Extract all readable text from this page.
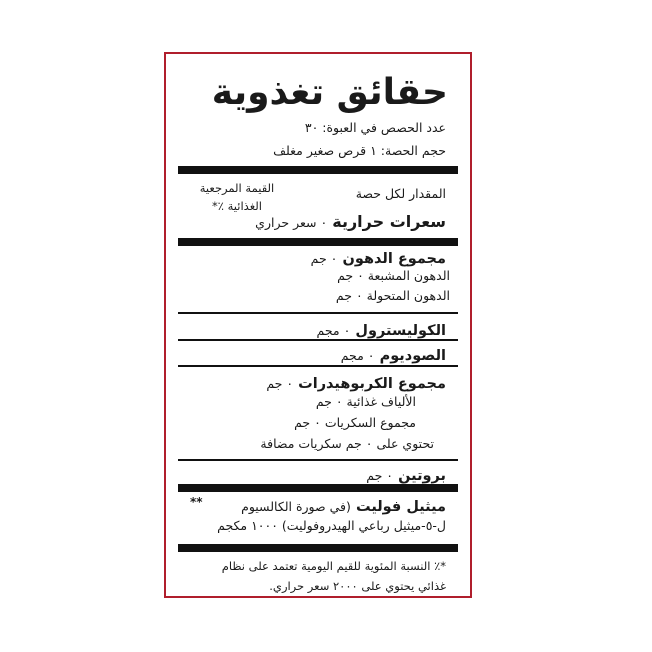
حقائق تغذوية
عدد الحصص في العبوة: ٣٠
حجم الحصة: ١ قرص صغير مغلف
القيمة المرجعية
الغذائية ٪*
المقدار لكل حصة
سعرات حرارية ٠ سعر حراري
مجموع الدهون ٠ جم
الدهون المشبعة ٠ جم
الدهون المتحولة ٠ جم
الكوليسترول ٠ مجم
الصوديوم ٠ مجم
مجموع الكربوهيدرات ٠ جم
الألياف غذائية ٠ جم
مجموع السكريات ٠ جم
تحتوي على ٠ جم سكريات مضافة
بروتين ٠ جم
ميثيل فوليت (في صورة الكالسيوم
**
ل-٥-ميثيل رباعي الهيدروفوليت) ١٠٠٠ مكجم
*٪ النسبة المئوية للقيم اليومية تعتمد على نظام
غذائي يحتوي على ٢٠٠٠ سعر حراري.
